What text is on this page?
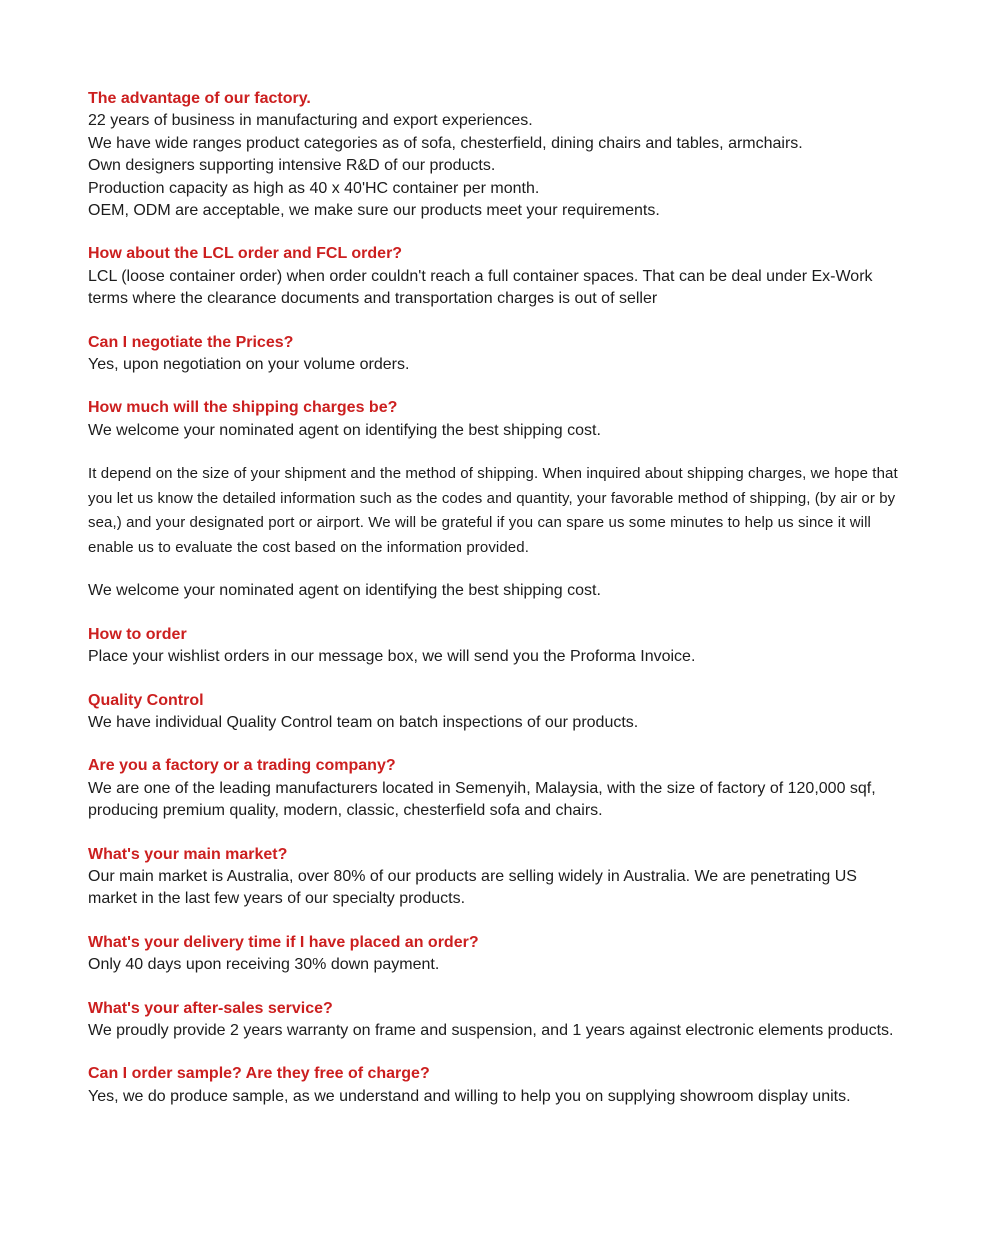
The advantage of our factory.

22 years of business in manufacturing and export experiences.

We have wide ranges product categories as of sofa, chesterfield, dining chairs and tables, armchairs.

Own designers supporting intensive R&D of our products.

Production capacity as high as 40 x 40'HC container per month.

OEM, ODM are acceptable, we make sure our products meet your requirements.

How about the LCL order and FCL order?

LCL (loose container order) when order couldn't reach a full container spaces. That can be deal under Ex-Work terms where the clearance documents and transportation charges is out of seller

Can I negotiate the Prices?

Yes, upon negotiation on your volume orders.

How much will the shipping charges be?

We welcome your nominated agent on identifying the best shipping cost.

It depend on the size of your shipment and the method of shipping. When inquired about shipping charges, we hope that you let us know the detailed information such as the codes and quantity, your favorable method of shipping, (by air or by sea,) and your designated port or airport. We will be grateful if you can spare us some minutes to help us since it will enable us to evaluate the cost based on the information provided.

We welcome your nominated agent on identifying the best shipping cost.

How to order

Place your wishlist orders in our message box, we will send you the Proforma Invoice.

Quality Control

We have individual Quality Control team on batch inspections of our products.

Are you a factory or a trading company?

We are one of the leading manufacturers located in Semenyih, Malaysia, with the size of factory of 120,000 sqf, producing premium quality, modern, classic, chesterfield sofa and chairs.

What's your main market?

Our main market is Australia, over 80% of our products are selling widely in Australia. We are penetrating US market in the last few years of our specialty products.

What's your delivery time if I have placed an order?

Only 40 days upon receiving 30% down payment.

What's your after-sales service?

We proudly provide 2 years warranty on frame and suspension, and 1 years against electronic elements products.

Can I order sample? Are they free of charge?

Yes, we do produce sample, as we understand and willing to help you on supplying showroom display units.
